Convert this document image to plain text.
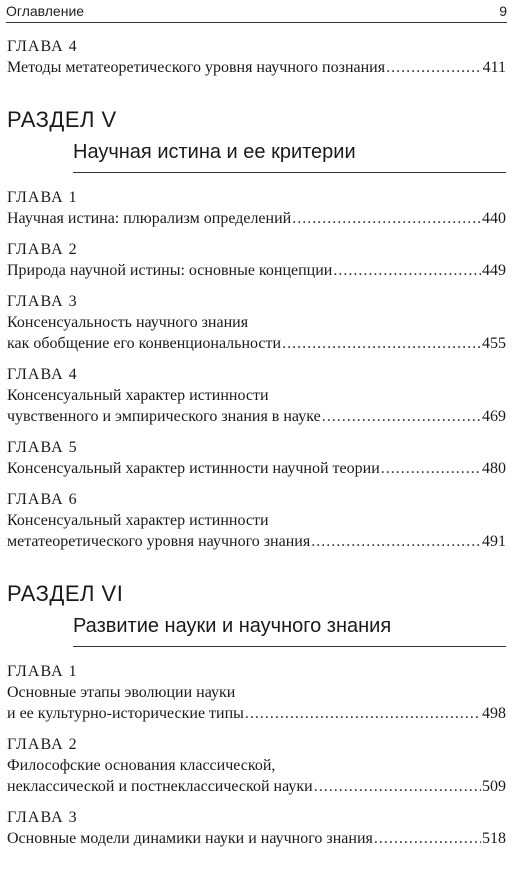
Оглавление	9
ГЛАВА 4
Методы метатеоретического уровня научного познания .....	411
РАЗДЕЛ V
Научная истина и ее критерии
ГЛАВА 1
Научная истина: плюрализм определений .....	440
ГЛАВА 2
Природа научной истины: основные концепции .....	449
ГЛАВА 3
Консенсуальность научного знания
как обобщение его конвенциональности .....	455
ГЛАВА 4
Консенсуальный характер истинности
чувственного и эмпирического знания в науке .....	469
ГЛАВА 5
Консенсуальный характер истинности научной теории .....	480
ГЛАВА 6
Консенсуальный характер истинности
метатеоретического уровня научного знания .....	491
РАЗДЕЛ VI
Развитие науки и научного знания
ГЛАВА 1
Основные этапы эволюции науки
и ее культурно-исторические типы .....	498
ГЛАВА 2
Философские основания классической,
неклассической и постнеклассической науки .....	509
ГЛАВА 3
Основные модели динамики науки и научного знания .....	518
